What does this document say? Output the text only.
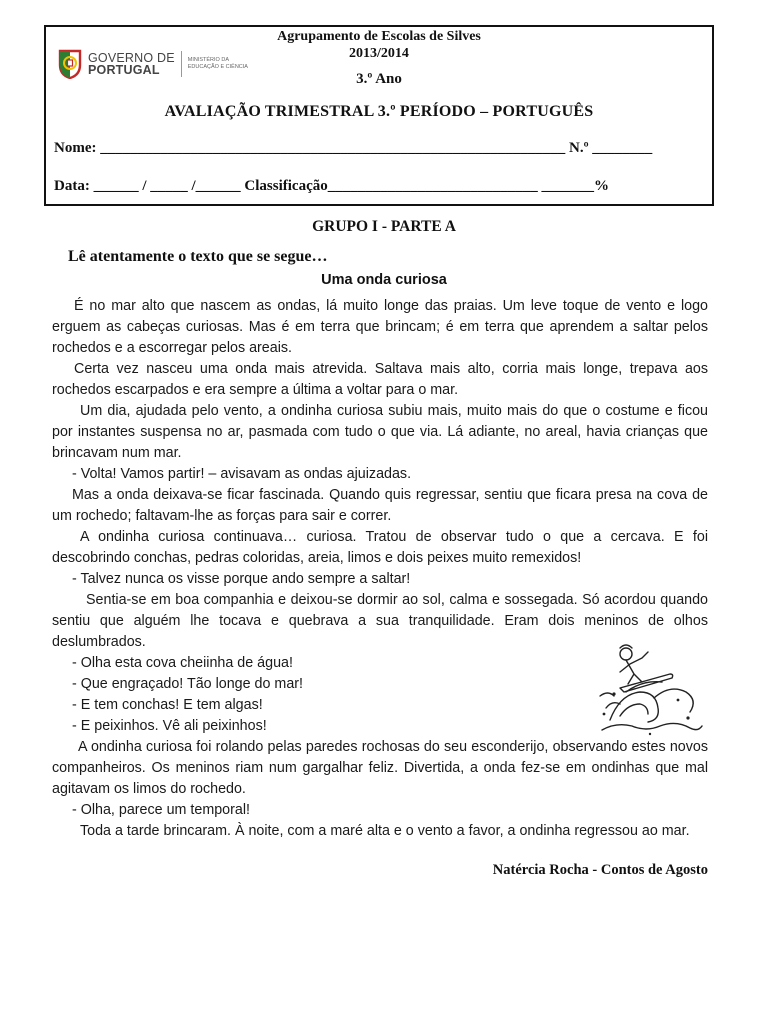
GOVERNO DE
PORTUGAL
MINISTÉRIO DA EDUCAÇÃO E CIÊNCIA
Agrupamento de Escolas de Silves
2013/2014
3.º Ano
AVALIAÇÃO TRIMESTRAL 3.º PERÍODO – PORTUGUÊS
Nome: ______________________________________________________________ N.º ________
Data: ______ / _____ /______ Classificação____________________________ _______%
GRUPO I - PARTE A
Lê atentamente o texto que se segue…
Uma onda curiosa

É no mar alto que nascem as ondas, lá muito longe das praias. Um leve toque de vento e logo erguem as cabeças curiosas. Mas é em terra que brincam; é em terra que aprendem a saltar pelos rochedos e a escorregar pelos areais.

Certa vez nasceu uma onda mais atrevida. Saltava mais alto, corria mais longe, trepava aos rochedos escarpados e era sempre a última a voltar para o mar.

Um dia, ajudada pelo vento, a ondinha curiosa subiu mais, muito mais do que o costume e ficou por instantes suspensa no ar, pasmada com tudo o que via. Lá adiante, no areal, havia crianças que brincavam num mar.

- Volta! Vamos partir! – avisavam as ondas ajuizadas.

Mas a onda deixava-se ficar fascinada. Quando quis regressar, sentiu que ficara presa na cova de um rochedo; faltavam-lhe as forças para sair e correr.

A ondinha curiosa continuava… curiosa. Tratou de observar tudo o que a cercava. E foi descobrindo conchas, pedras coloridas, areia, limos e dois peixes muito remexidos!

- Talvez nunca os visse porque ando sempre a saltar!

Sentia-se em boa companhia e deixou-se dormir ao sol, calma e sossegada. Só acordou quando sentiu que alguém lhe tocava e quebrava a sua tranquilidade. Eram dois meninos de olhos deslumbrados.

- Olha esta cova cheiinha de água!

- Que engraçado! Tão longe do mar!

- E tem conchas! E tem algas!

- E peixinhos. Vê ali peixinhos!

A ondinha curiosa foi rolando pelas paredes rochosas do seu esconderijo, observando estes novos companheiros. Os meninos riam num gargalhar feliz. Divertida, a onda fez-se em ondinhas que mal agitavam os limos do rochedo.

- Olha, parece um temporal!

Toda a tarde brincaram. À noite, com a maré alta e o vento a favor, a ondinha regressou ao mar.

Natércia Rocha - Contos de Agosto
